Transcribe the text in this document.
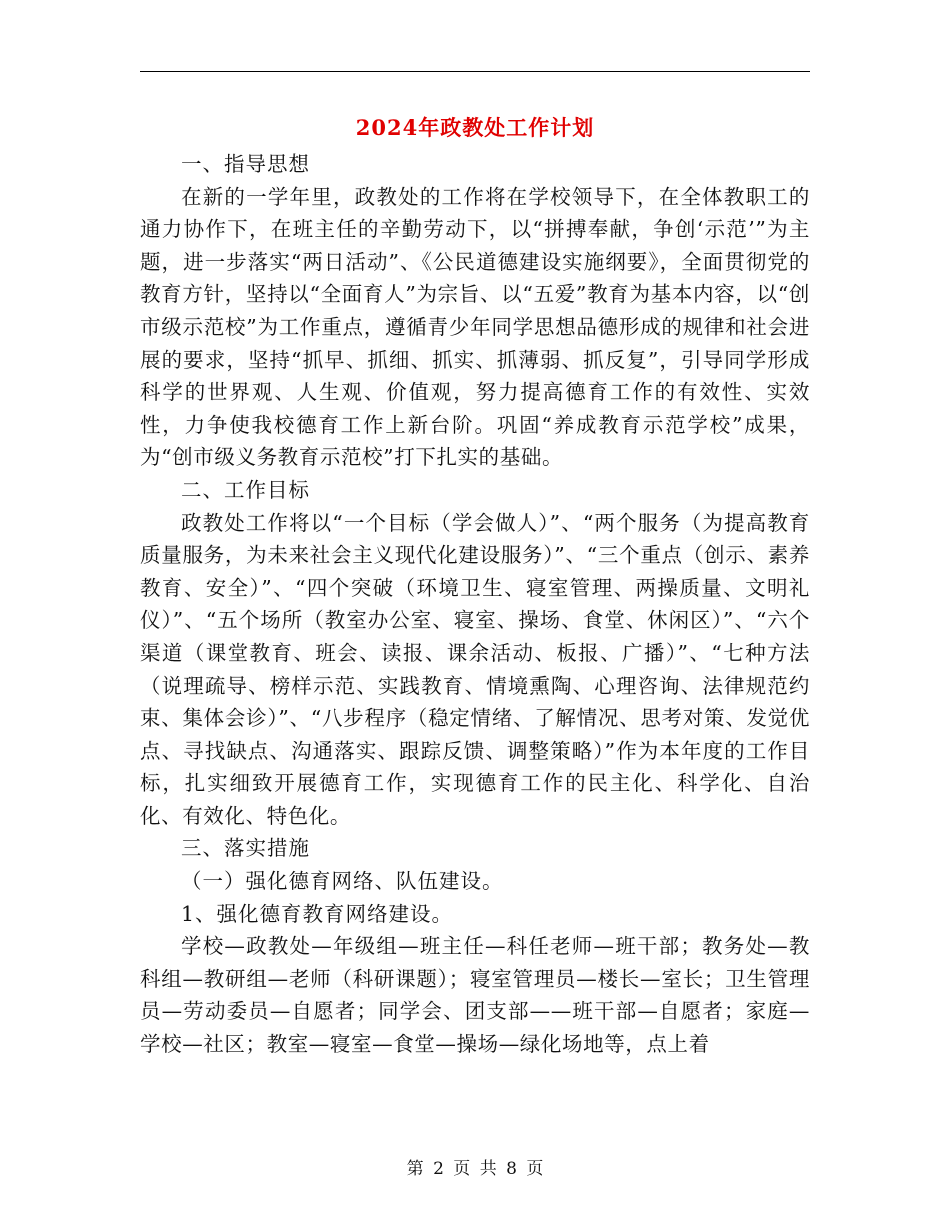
2024年政教处工作计划

一、指导思想

在新的一学年里，政教处的工作将在学校领导下，在全体教职工的通力协作下，在班主任的辛勤劳动下，以“拼搏奉献，争创‘示范’”为主题，进一步落实“两日活动”、《公民道德建设实施纲要》，全面贯彻党的教育方针，坚持以“全面育人”为宗旨、以“五爱”教育为基本内容，以“创市级示范校”为工作重点，遵循青少年同学思想品德形成的规律和社会进展的要求，坚持“抓早、抓细、抓实、抓薄弱、抓反复”，引导同学形成科学的世界观、人生观、价值观，努力提高德育工作的有效性、实效性，力争使我校德育工作上新台阶。巩固“养成教育示范学校”成果，为“创市级义务教育示范校”打下扎实的基础。

二、工作目标

政教处工作将以“一个目标（学会做人）”、“两个服务（为提高教育质量服务，为未来社会主义现代化建设服务）”、“三个重点（创示、素养教育、安全）”、“四个突破（环境卫生、寝室管理、两操质量、文明礼仪）”、“五个场所（教室办公室、寝室、操场、食堂、休闲区）”、“六个渠道（课堂教育、班会、读报、课余活动、板报、广播）”、“七种方法（说理疏导、榜样示范、实践教育、情境熏陶、心理咨询、法律规范约束、集体会诊）”、“八步程序（稳定情绪、了解情况、思考对策、发觉优点、寻找缺点、沟通落实、跟踪反馈、调整策略）”作为本年度的工作目标，扎实细致开展德育工作，实现德育工作的民主化、科学化、自治化、有效化、特色化。

三、落实措施

（一）强化德育网络、队伍建设。

1、强化德育教育网络建设。

学校—政教处—年级组—班主任—科任老师—班干部；教务处—教科组—教研组—老师（科研课题）；寝室管理员—楼长—室长；卫生管理员—劳动委员—自愿者；同学会、团支部——班干部—自愿者；家庭—学校—社区；教室—寝室—食堂—操场—绿化场地等，点上着

第 2 页 共 8 页
